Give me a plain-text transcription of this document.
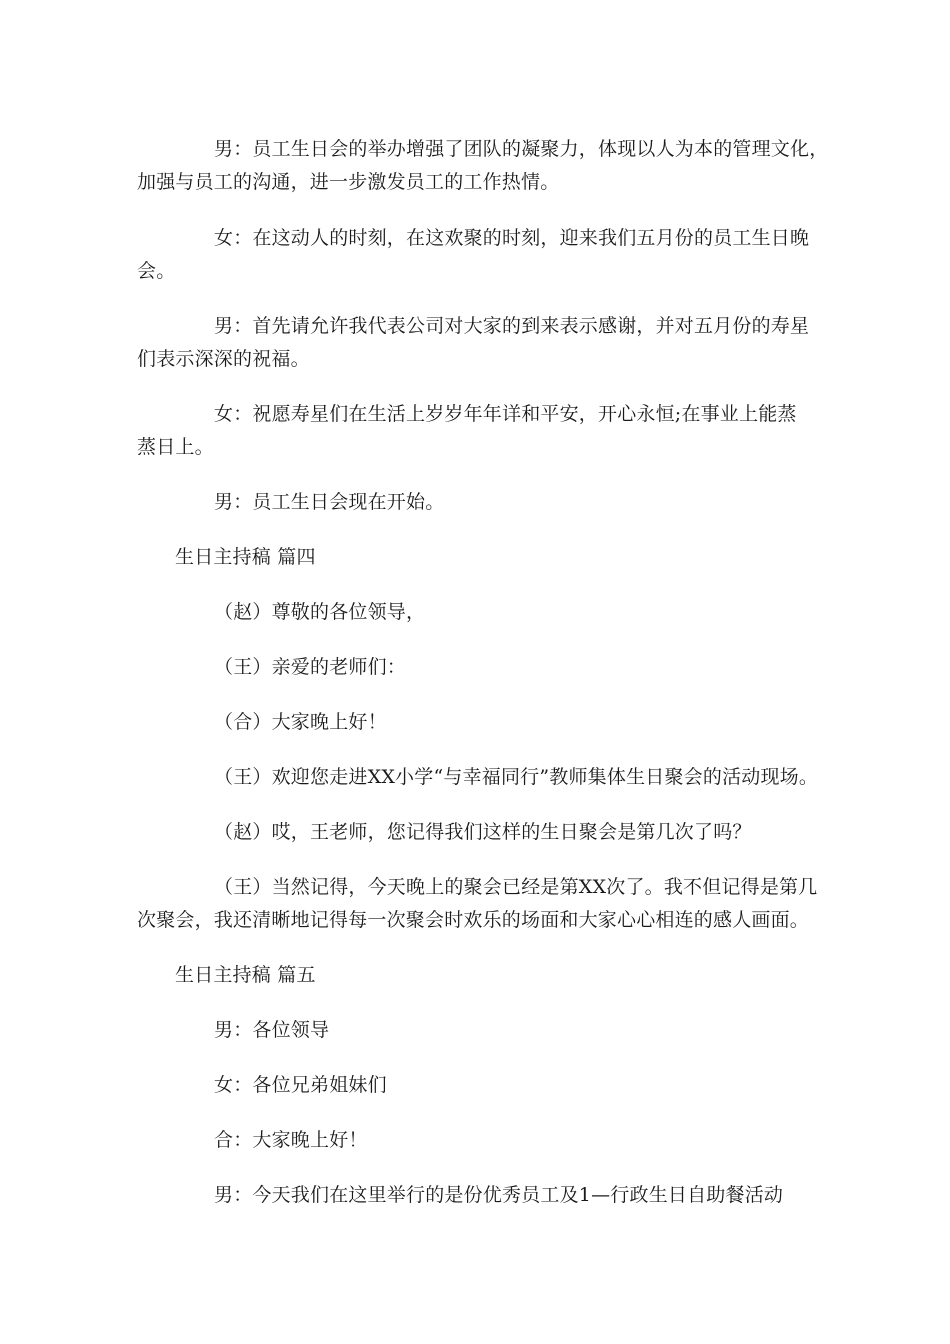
男：员工生日会的举办增强了团队的凝聚力，体现以人为本的管理文化，
加强与员工的沟通，进一步激发员工的工作热情。
女：在这动人的时刻，在这欢聚的时刻，迎来我们五月份的员工生日晚
会。
男：首先请允许我代表公司对大家的到来表示感谢，并对五月份的寿星
们表示深深的祝福。
女：祝愿寿星们在生活上岁岁年年详和平安，开心永恒;在事业上能蒸
蒸日上。
男：员工生日会现在开始。
生日主持稿 篇四
（赵）尊敬的各位领导，
（王）亲爱的老师们：
（合）大家晚上好！
（王）欢迎您走进XX小学“与幸福同行”教师集体生日聚会的活动现场。
（赵）哎，王老师，您记得我们这样的生日聚会是第几次了吗？
（王）当然记得，今天晚上的聚会已经是第XX次了。我不但记得是第几
次聚会，我还清晰地记得每一次聚会时欢乐的场面和大家心心相连的感人画面。
生日主持稿 篇五
男：各位领导
女：各位兄弟姐妹们
合：大家晚上好！
男：今天我们在这里举行的是份优秀员工及1—行政生日自助餐活动
